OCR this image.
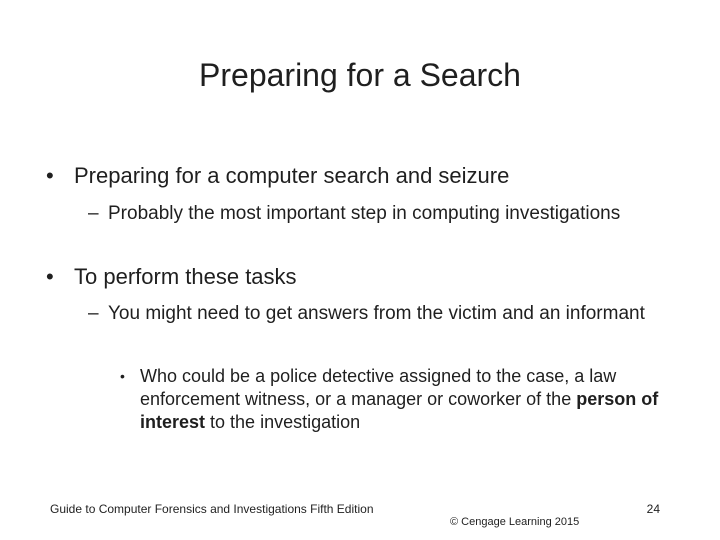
Preparing for a Search
• Preparing for a computer search and seizure
– Probably the most important step in computing investigations
• To perform these tasks
– You might need to get answers from the victim and an informant
• Who could be a police detective assigned to the case, a law enforcement witness, or a manager or coworker of the person of interest to the investigation
Guide to Computer Forensics and Investigations Fifth Edition
© Cengage Learning 2015
24
